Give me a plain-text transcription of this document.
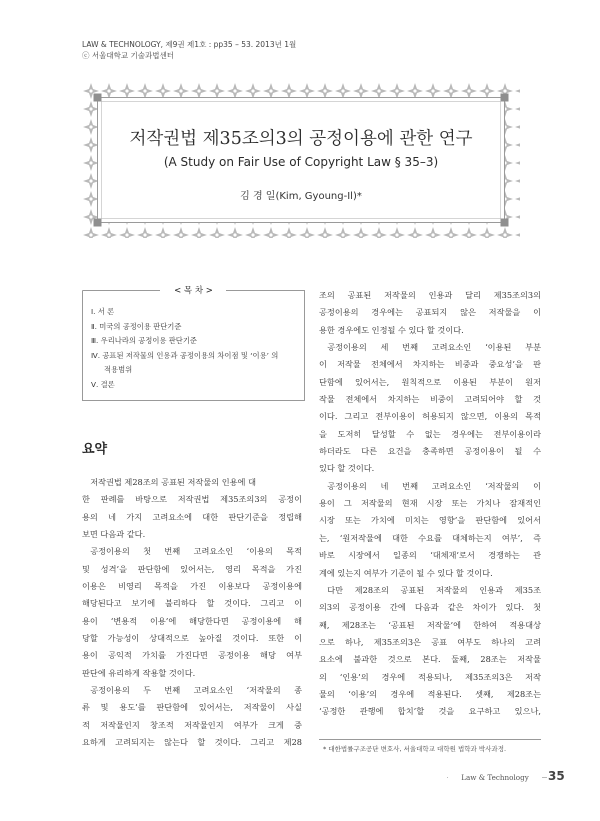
LAW & TECHNOLOGY, 제9권 제1호 : pp35 – 53. 2013년 1월
ⓒ 서울대학교 기술과법센터
저작권법 제35조의3의 공정이용에 관한 연구
(A Study on Fair Use of Copyright Law § 35–3)
김 경 일(Kim, Gyoung-Il)*
< 목 차 >
Ⅰ. 서 론
Ⅱ. 미국의 공정이용 판단기준
Ⅲ. 우리나라의 공정이용 판단기준
Ⅳ. 공표된 저작물의 인용과 공정이용의 차이점 및 ‘이용’ 의
적용범위
Ⅴ. 결론
요약
저작권법 제28조의 공표된 저작물의 인용에 대
한 판례를 바탕으로 저작권법 제35조의3의 공정이
용의 네 가지 고려요소에 대한 판단기준을 정립해
보면 다음과 같다.
공정이용의 첫 번째 고려요소인 ‘이용의 목적
및 성격’을 판단함에 있어서는, 영리 목적을 가진
이용은 비영리 목적을 가진 이용보다 공정이용에
해당된다고 보기에 불리하다 할 것이다. 그리고 이
용이 ‘변용적 이용’에 해당한다면 공정이용에 해
당할 가능성이 상대적으로 높아질 것이다. 또한 이
용이 공익적 가치를 가진다면 공정이용 해당 여부
판단에 유리하게 작용할 것이다.
공정이용의 두 번째 고려요소인 ‘저작물의 종
류 및 용도’를 판단함에 있어서는, 저작물이 사실
적 저작물인지 창조적 저작물인지 여부가 크게 중
요하게 고려되지는 않는다 할 것이다. 그리고 제28
조의 공표된 저작물의 인용과 달리 제35조의3의
공정이용의 경우에는 공표되지 않은 저작물을 이
용한 경우에도 인정될 수 있다 할 것이다.
공정이용의 세 번째 고려요소인 ‘이용된 부분
이 저작물 전체에서 차지하는 비중과 중요성’을 판
단함에 있어서는, 원칙적으로 이용된 부분이 원저
작물 전체에서 차지하는 비중이 고려되어야 할 것
이다. 그리고 전부이용이 허용되지 않으면, 이용의 목적
을 도저히 달성할 수 없는 경우에는 전부이용이라
하더라도 다른 요건을 충족하면 공정이용이 될 수
있다 할 것이다.
공정이용의 네 번째 고려요소인 ‘저작물의 이
용이 그 저작물의 현재 시장 또는 가치나 잠재적인
시장 또는 가치에 미치는 영향’을 판단함에 있어서
는, ‘원저작물에 대한 수요를 대체하는지 여부’, 즉
바로 시장에서 일종의 ‘대체재’로서 경쟁하는 관
계에 있는지 여부가 기준이 될 수 있다 할 것이다.
다만 제28조의 공표된 저작물의 인용과 제35조
의3의 공정이용 간에 다음과 같은 차이가 있다. 첫
째, 제28조는 ‘공표된 저작물’에 한하여 적용대상
으로 하나, 제35조의3은 공표 여부도 하나의 고려
요소에 불과한 것으로 본다. 둘째, 28조는 저작물
의 ‘인용’의 경우에 적용되나, 제35조의3은 저작
물의 ‘이용’의 경우에 적용된다. 셋째, 제28조는
‘공정한 관행에 합치’할 것을 요구하고 있으나,
* 대한법률구조공단 변호사, 서울대학교 대학원 법학과 박사과정.
Law & Technology	35
